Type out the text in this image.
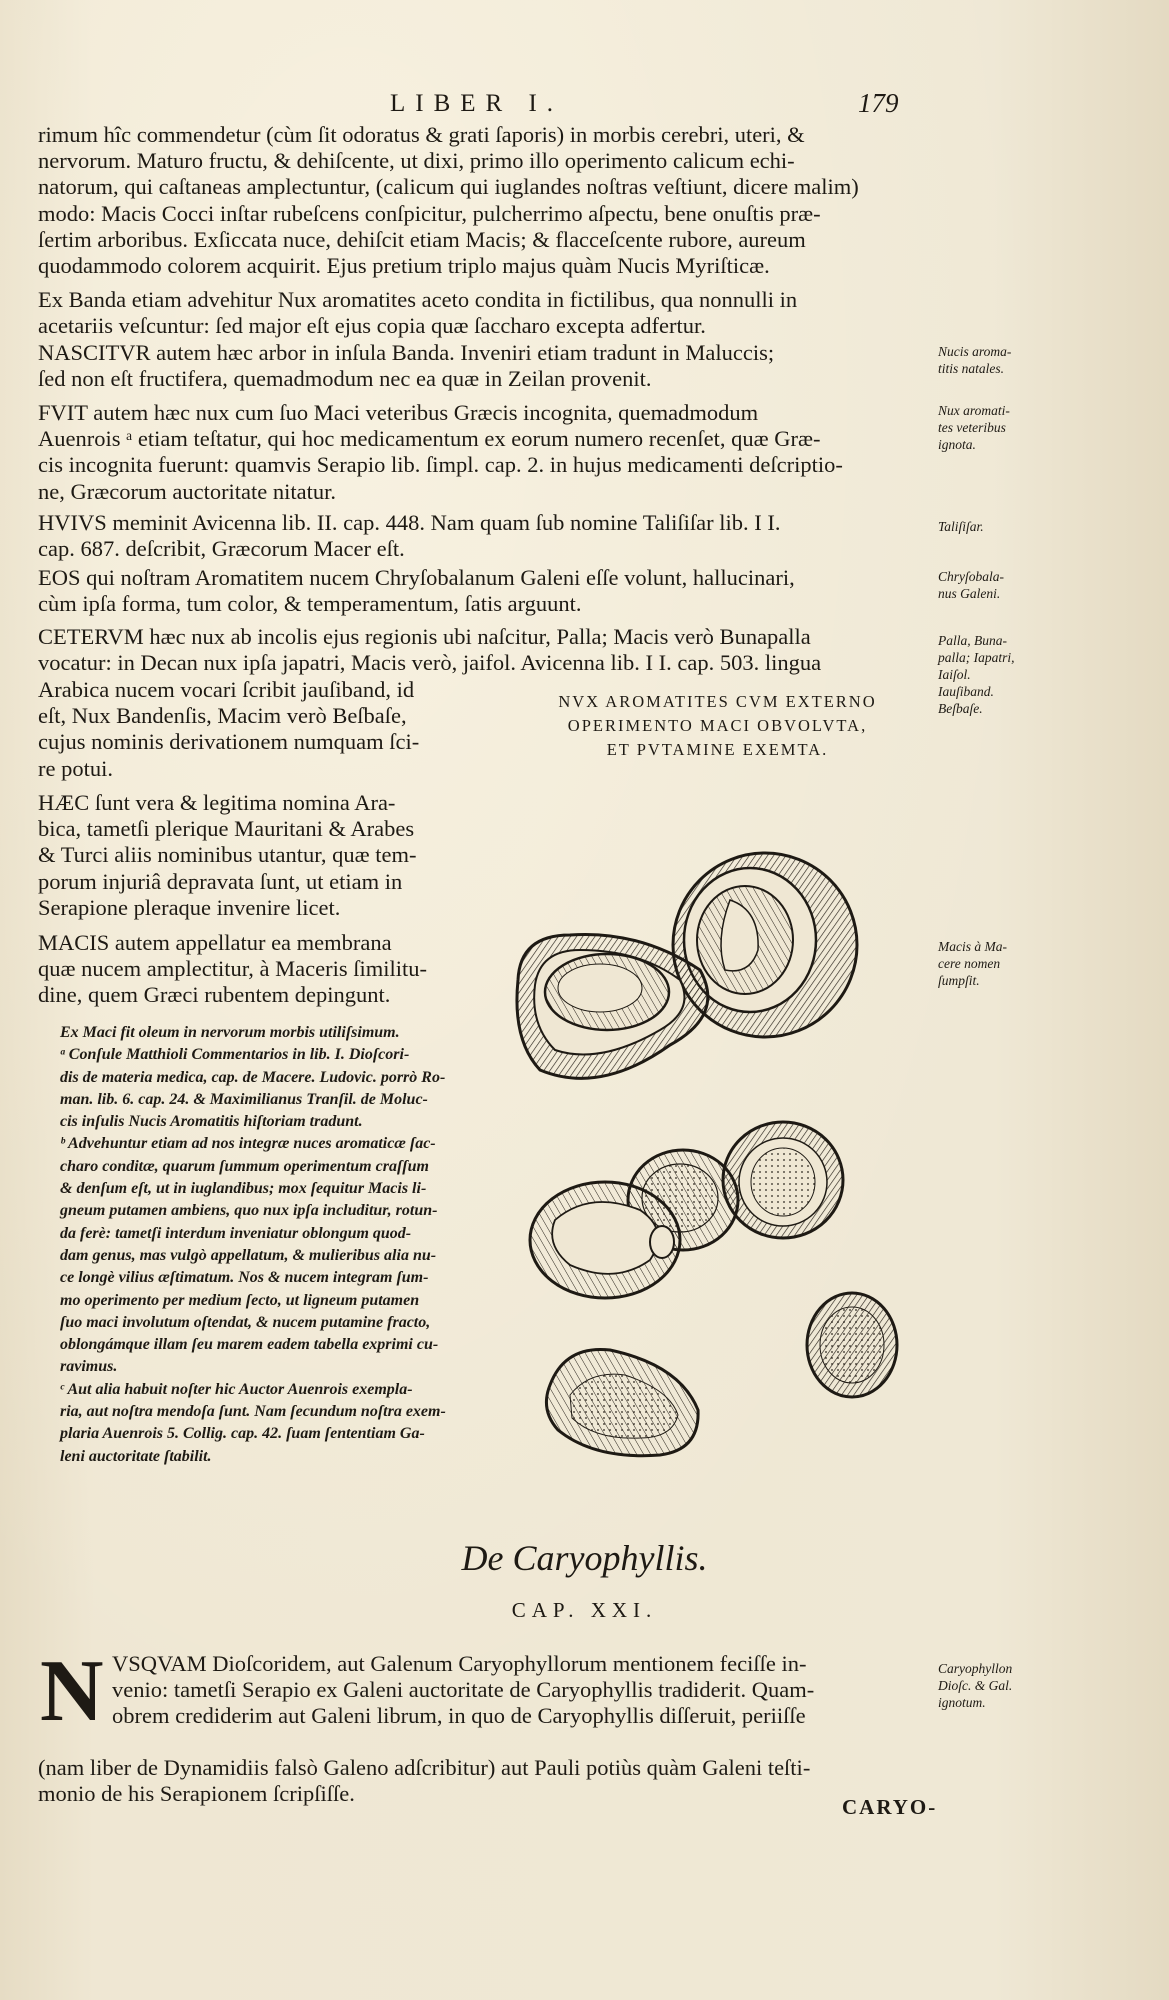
LIBER I.	179
rimum hîc commendetur (cùm ſit odoratus & grati ſaporis) in morbis cerebri, uteri, &
nervorum. Maturo fructu, & dehiſcente, ut dixi, primo illo operimento calicum echi-
natorum, qui caſtaneas amplectuntur, (calicum qui iuglandes noſtras veſtiunt, dicere malim)
modo: Macis Cocci inſtar rubeſcens conſpicitur, pulcherrimo aſpectu, bene onuſtis præ-
ſertim arboribus. Exſiccata nuce, dehiſcit etiam Macis; & flacceſcente rubore, aureum
quodammodo colorem acquirit. Ejus pretium triplo majus quàm Nucis Myriſticæ.
Ex Banda etiam advehitur Nux aromatites aceto condita in fictilibus, qua nonnulli in
acetariis veſcuntur: ſed major eſt ejus copia quæ ſaccharo excepta adfertur.
NASCITVR autem hæc arbor in inſula Banda. Inveniri etiam tradunt in Maluccis;
ſed non eſt fructifera, quemadmodum nec ea quæ in Zeilan provenit.
FVIT autem hæc nux cum ſuo Maci veteribus Græcis incognita, quemadmodum
Auenrois ᵃ etiam teſtatur, qui hoc medicamentum ex eorum numero recenſet, quæ Græ-
cis incognita fuerunt: quamvis Serapio lib. ſimpl. cap. 2. in hujus medicamenti deſcriptio-
ne, Græcorum auctoritate nitatur.
HVIVS meminit Avicenna lib. II. cap. 448. Nam quam ſub nomine Taliſiſar lib. I I.
cap. 687. deſcribit, Græcorum Macer eſt.
EOS qui noſtram Aromatitem nucem Chryſobalanum Galeni eſſe volunt, hallucinari,
cùm ipſa forma, tum color, & temperamentum, ſatis arguunt.
CETERVM hæc nux ab incolis ejus regionis ubi naſcitur, Palla; Macis verò Bunapalla
vocatur: in Decan nux ipſa japatri, Macis verò, jaifol. Avicenna lib. I I. cap. 503. lingua
Arabica nucem vocari ſcribit jauſiband, id
eſt, Nux Bandenſis, Macim verò Beſbaſe,
cujus nominis derivationem numquam ſci-
re potui.
HÆC ſunt vera & legitima nomina Ara-
bica, tametſi plerique Mauritani & Arabes
& Turci aliis nominibus utantur, quæ tem-
porum injuriâ depravata ſunt, ut etiam in
Serapione pleraque invenire licet.
MACIS autem appellatur ea membrana
quæ nucem amplectitur, à Maceris ſimilitu-
dine, quem Græci rubentem depingunt.
Ex Maci fit oleum in nervorum morbis utiliſsimum.
ᵃ Conſule Matthioli Commentarios in lib. I. Dioſcori-
dis de materia medica, cap. de Macere. Ludovic. porrò Ro-
man. lib. 6. cap. 24. & Maximilianus Tranſil. de Moluc-
cis inſulis Nucis Aromatitis hiſtoriam tradunt.
ᵇ Advehuntur etiam ad nos integræ nuces aromaticæ ſac-
charo conditæ, quarum ſummum operimentum craſſum
& denſum eſt, ut in iuglandibus; mox ſequitur Macis li-
gneum putamen ambiens, quo nux ipſa includitur, rotun-
da ferè: tametſi interdum inveniatur oblongum quod-
dam genus, mas vulgò appellatum, & mulieribus alia nu-
ce longè vilius æſtimatum. Nos & nucem integram ſum-
mo operimento per medium ſecto, ut ligneum putamen
ſuo maci involutum oſtendat, & nucem putamine fracto,
oblongámque illam ſeu marem eadem tabella exprimi cu-
ravimus.
ᶜ Aut alia habuit noſter hic Auctor Auenrois exempla-
ria, aut noſtra mendoſa ſunt. Nam ſecundum noſtra exem-
plaria Auenrois 5. Collig. cap. 42. ſuam ſententiam Ga-
leni auctoritate ſtabilit.
NVX AROMATITES CVM EXTERNO
OPERIMENTO MACI OBVOLVTA,
ET PVTAMINE EXEMTA.
Nucis aroma-
titis natales.
Nux aromati-
tes veteribus
ignota.
Taliſiſar.
Chryſobala-
nus Galeni.
Palla, Buna-
palla; Iapatri,
Iaiſol.
Iauſiband.
Beſbaſe.
Macis à Ma-
cere nomen
ſumpſit.
Caryophyllon
Dioſc. & Gal.
ignotum.
De Caryophyllis.
CAP. XXI.
N VSQVAM Dioſcoridem, aut Galenum Caryophyllorum mentionem feciſſe in-
venio: tametſi Serapio ex Galeni auctoritate de Caryophyllis tradiderit. Quam-
obrem crediderim aut Galeni librum, in quo de Caryophyllis diſſeruit, periiſſe
(nam liber de Dynamidiis falsò Galeno adſcribitur) aut Pauli potiùs quàm Galeni teſti-
monio de his Serapionem ſcripſiſſe.
CARYO-
